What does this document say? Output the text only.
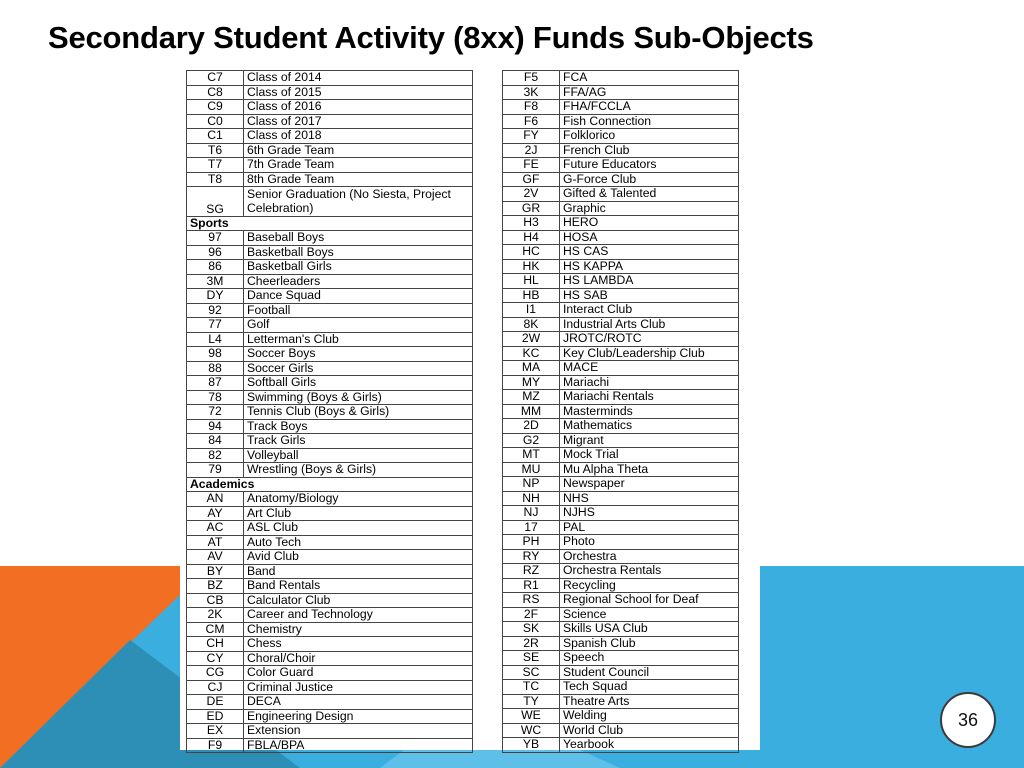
Secondary Student Activity (8xx) Funds Sub-Objects
C7	Class of 2014
C8	Class of 2015
C9	Class of 2016
C0	Class of 2017
C1	Class of 2018
T6	6th Grade Team
T7	7th Grade Team
T8	8th Grade Team
SG	Senior Graduation (No Siesta, Project Celebration)
Sports	
97	Baseball Boys
96	Basketball Boys
86	Basketball Girls
3M	Cheerleaders
DY	Dance Squad
92	Football
77	Golf
L4	Letterman's Club
98	Soccer Boys
88	Soccer Girls
87	Softball Girls
78	Swimming (Boys & Girls)
72	Tennis Club (Boys & Girls)
94	Track Boys
84	Track Girls
82	Volleyball
79	Wrestling (Boys & Girls)
Academics	
AN	Anatomy/Biology
AY	Art Club
AC	ASL Club
AT	Auto Tech
AV	Avid Club
BY	Band
BZ	Band Rentals
CB	Calculator Club
2K	Career and Technology
CM	Chemistry
CH	Chess
CY	Choral/Choir
CG	Color Guard
CJ	Criminal Justice
DE	DECA
ED	Engineering Design
EX	Extension
F9	FBLA/BPA
F5	FCA
3K	FFA/AG
F8	FHA/FCCLA
F6	Fish Connection
FY	Folklorico
2J	French Club
FE	Future Educators
GF	G-Force Club
2V	Gifted & Talented
GR	Graphic
H3	HERO
H4	HOSA
HC	HS CAS
HK	HS KAPPA
HL	HS LAMBDA
HB	HS SAB
I1	Interact Club
8K	Industrial Arts Club
2W	JROTC/ROTC
KC	Key Club/Leadership Club
MA	MACE
MY	Mariachi
MZ	Mariachi Rentals
MM	Masterminds
2D	Mathematics
G2	Migrant
MT	Mock Trial
MU	Mu Alpha Theta
NP	Newspaper
NH	NHS
NJ	NJHS
17	PAL
PH	Photo
RY	Orchestra
RZ	Orchestra Rentals
R1	Recycling
RS	Regional School for Deaf
2F	Science
SK	Skills USA Club
2R	Spanish Club
SE	Speech
SC	Student Council
TC	Tech Squad
TY	Theatre Arts
WE	Welding
WC	World Club
YB	Yearbook
36
